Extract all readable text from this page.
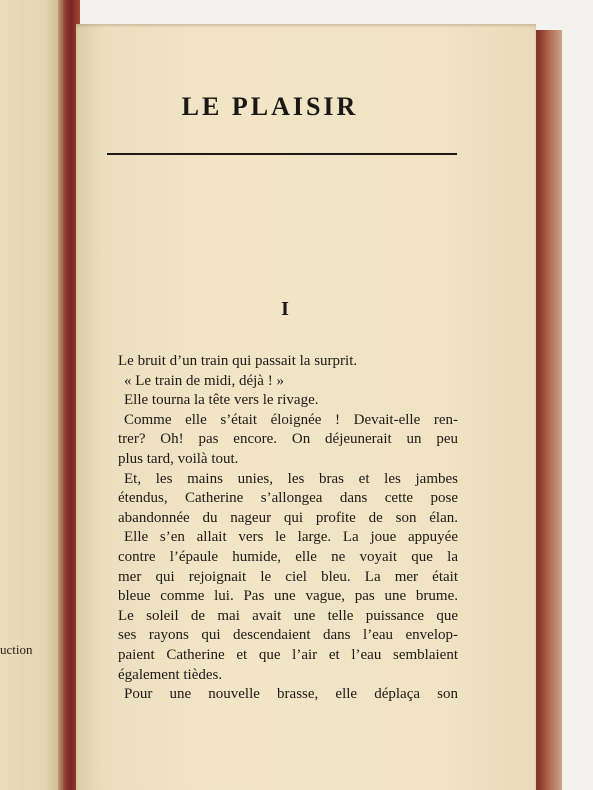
uction
LE PLAISIR
I
Le bruit d’un train qui passait la surprit.
« Le train de midi, déjà ! »
Elle tourna la tête vers le rivage.
Comme elle s’était éloignée ! Devait-elle ren-
trer? Oh! pas encore. On déjeunerait un peu
plus tard, voilà tout.
Et, les mains unies, les bras et les jambes
étendus, Catherine s’allongea dans cette pose
abandonnée du nageur qui profite de son élan.
Elle s’en allait vers le large. La joue appuyée
contre l’épaule humide, elle ne voyait que la
mer qui rejoignait le ciel bleu. La mer était
bleue comme lui. Pas une vague, pas une brume.
Le soleil de mai avait une telle puissance que
ses rayons qui descendaient dans l’eau envelop-
paient Catherine et que l’air et l’eau semblaient
également tièdes.
Pour une nouvelle brasse, elle déplaça son
